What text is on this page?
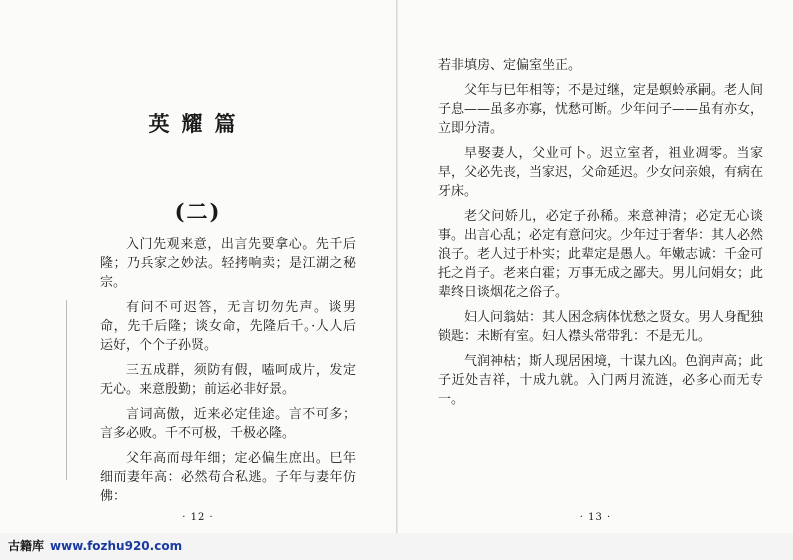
英耀篇
(二)

入门先观来意，出言先要拿心。先千后隆；乃兵家之妙法。轻拷响卖；是江湖之秘宗。

有问不可迟答，无言切勿先声。谈男命，先千后隆；谈女命，先隆后千。·人人后运好，个个子孙贤。

三五成群，须防有假，嗑呵成片，发定无心。来意殷勤；前运必非好景。

言词高傲，近来必定佳途。言不可多；言多必败。千不可极，千极必隆。

父年高而母年细；定必偏生庶出。巳年细而妻年高：必然苟合私逃。子年与妻年仿佛：

· 12 ·

若非填房、定偏室坐正。

父年与巳年相等；不是过继，定是螟蛉承嗣。老人间子息——虽多亦寡，忧愁可断。少年问子——虽有亦女，立即分清。

早娶妻人，父业可卜。迟立室者，祖业凋零。当家早，父必先丧，当家迟，父命延迟。少女问亲娘，有病在牙床。

老父问娇儿，必定子孙稀。来意神清；必定无心谈事。出言心乱；必定有意问灾。少年过于奢华：其人必然浪子。老人过于朴实；此辈定是愚人。年嫩志诚：千金可托之肖子。老来白霍；万事无成之鄙夫。男儿问娟女；此辈终日谈烟花之俗子。

妇人问翁姑：其人困念病体忧愁之贤女。男人身配独锁匙：未断有室。妇人襟头常带乳：不是无儿。

气润神枯；斯人现居困境，十谋九凶。色润声高；此子近处吉祥，十成九就。入门两月流涟，必多心而无专一。

· 13 ·
古籍库 www.fozhu920.com
